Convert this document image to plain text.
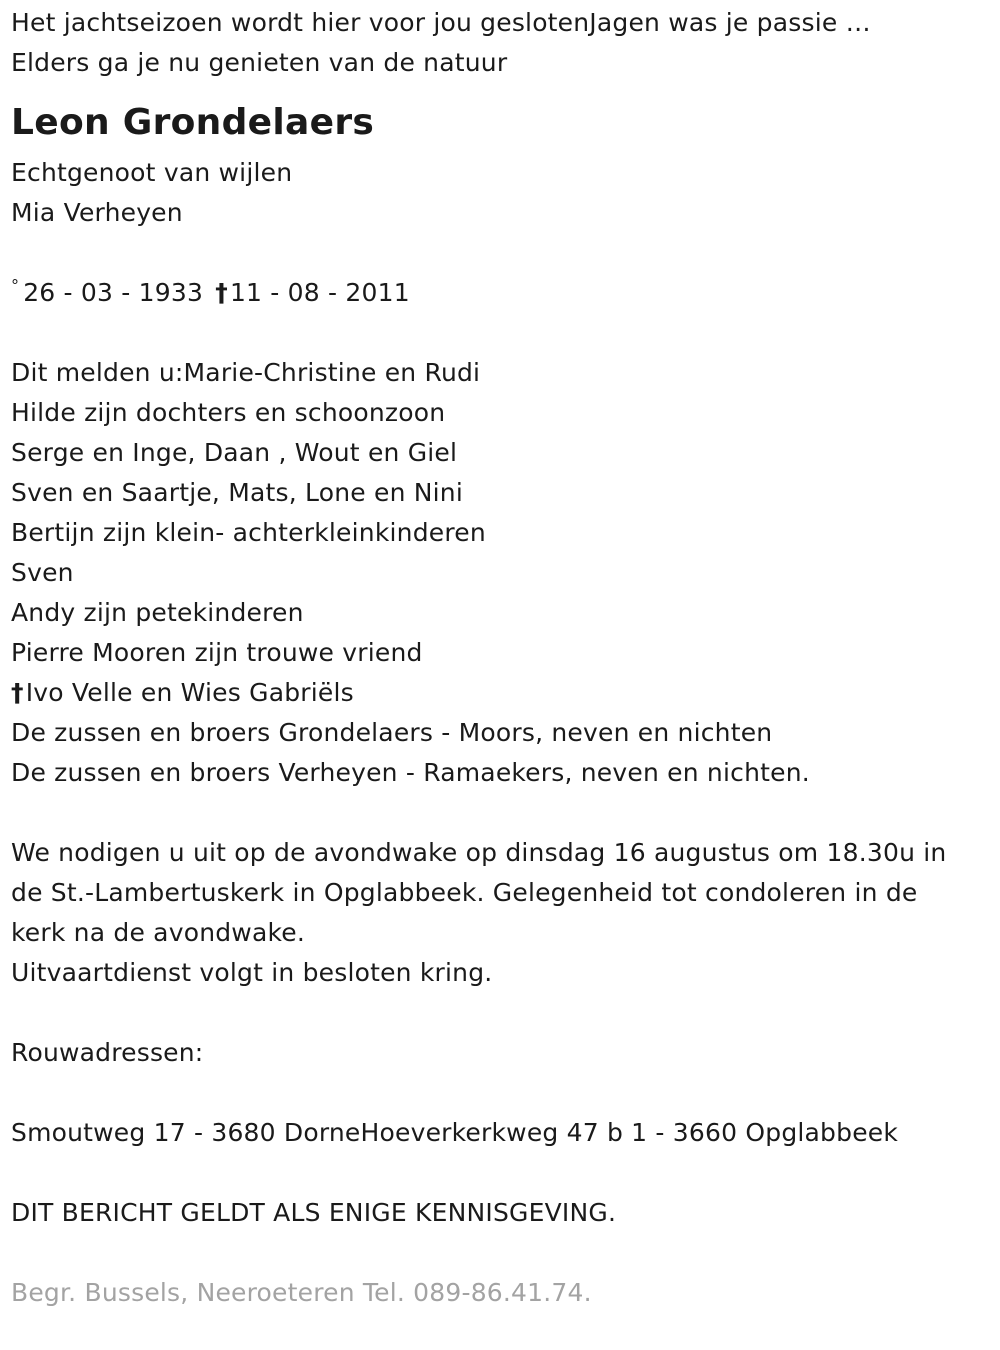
Het jachtseizoen wordt hier voor jou geslotenJagen was je passie …
Elders ga je nu genieten van de natuur
Leon Grondelaers
Echtgenoot van wijlen
Mia Verheyen
° 26 - 03 - 1933 †11 - 08 - 2011
Dit melden u:Marie-Christine en Rudi
Hilde zijn dochters en schoonzoon
Serge en Inge, Daan , Wout en Giel
Sven en Saartje, Mats, Lone en Nini
Bertijn zijn klein- achterkleinkinderen
Sven
Andy zijn petekinderen
Pierre Mooren zijn trouwe vriend
†Ivo Velle en Wies Gabriëls
De zussen en broers Grondelaers - Moors, neven en nichten
De zussen en broers Verheyen - Ramaekers, neven en nichten.
We nodigen u uit op de avondwake op dinsdag 16 augustus om 18.30u in
de St.-Lambertuskerk in Opglabbeek. Gelegenheid tot condoleren in de
kerk na de avondwake.
Uitvaartdienst volgt in besloten kring.
Rouwadressen:
Smoutweg 17 - 3680 DorneHoeverkerkweg 47 b 1 - 3660 Opglabbeek
DIT BERICHT GELDT ALS ENIGE KENNISGEVING.
Begr. Bussels, Neeroeteren Tel. 089-86.41.74.
